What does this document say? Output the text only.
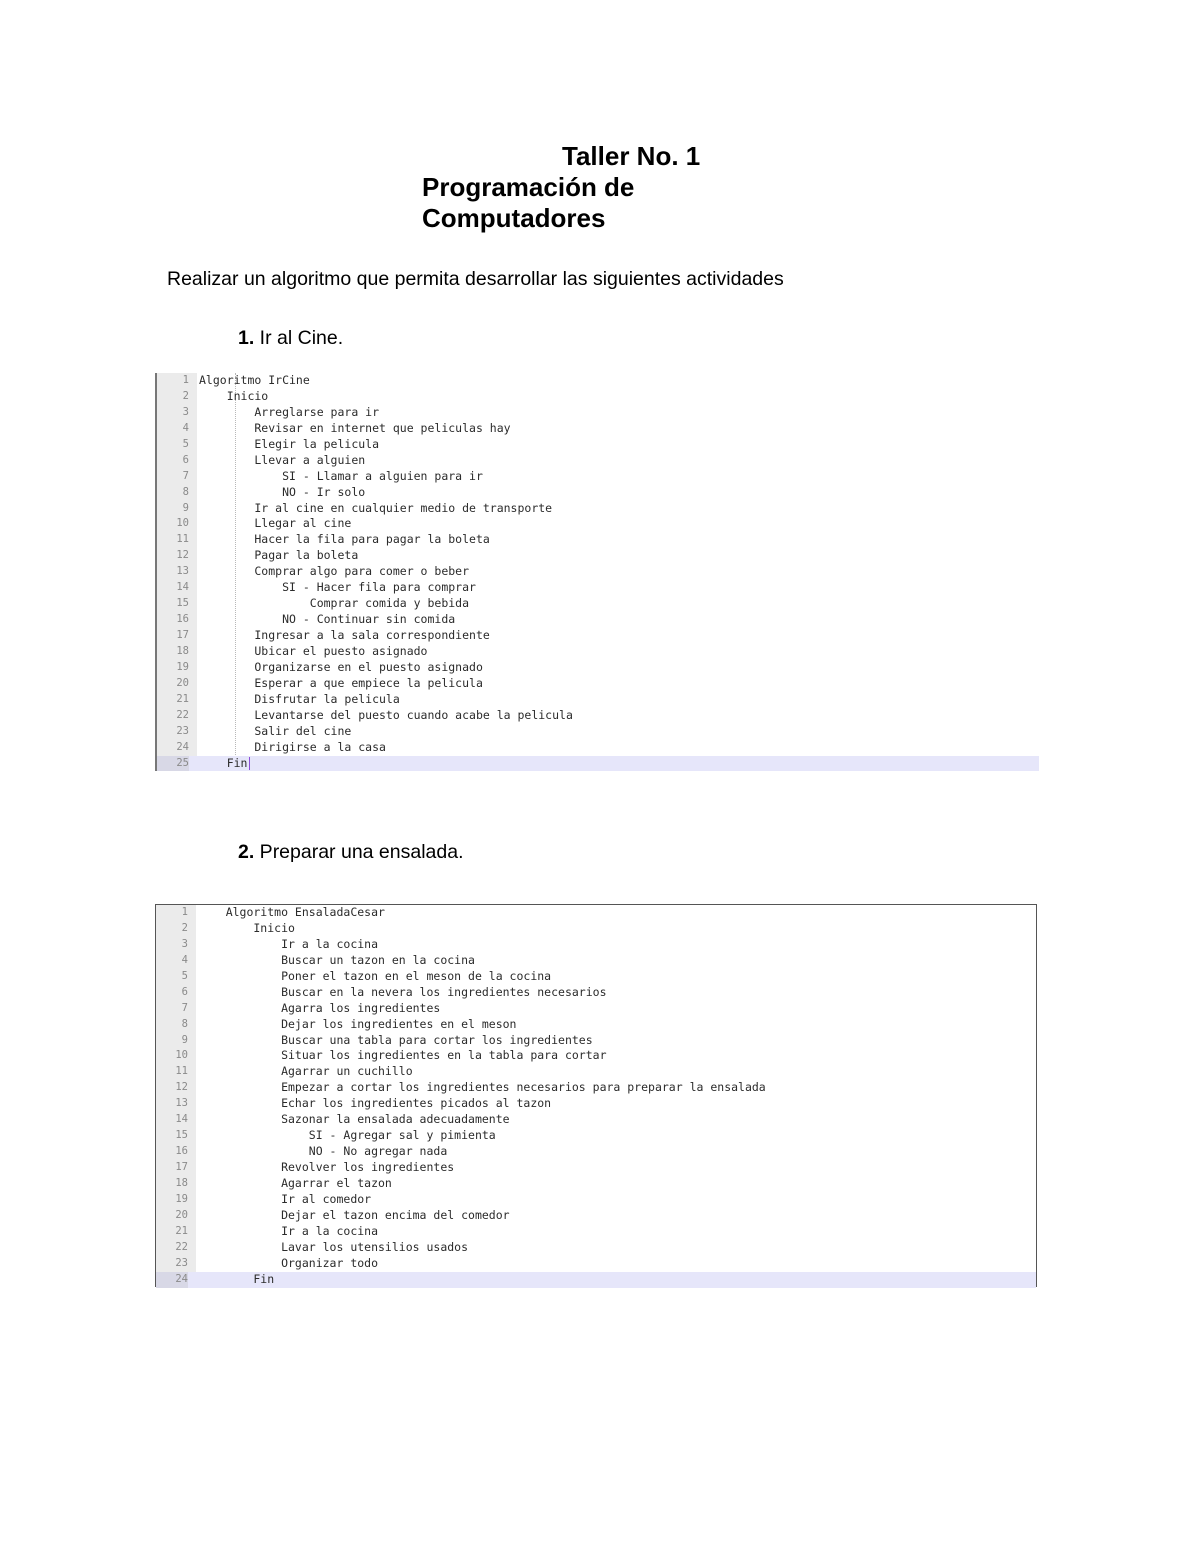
Taller No. 1
Programación de
Computadores
Realizar un algoritmo que permita desarrollar las siguientes actividades
1. Ir al Cine.
1 Algoritmo IrCine
2 Inicio
3 Arreglarse para ir
4 Revisar en internet que peliculas hay
5 Elegir la pelicula
6 Llevar a alguien
7 SI - Llamar a alguien para ir
8 NO - Ir solo
9 Ir al cine en cualquier medio de transporte
10 Llegar al cine
11 Hacer la fila para pagar la boleta
12 Pagar la boleta
13 Comprar algo para comer o beber
14 SI - Hacer fila para comprar
15 Comprar comida y bebida
16 NO - Continuar sin comida
17 Ingresar a la sala correspondiente
18 Ubicar el puesto asignado
19 Organizarse en el puesto asignado
20 Esperar a que empiece la pelicula
21 Disfrutar la pelicula
22 Levantarse del puesto cuando acabe la pelicula
23 Salir del cine
24 Dirigirse a la casa
25 Fin
2. Preparar una ensalada.
1 Algoritmo EnsaladaCesar
2 Inicio
3 Ir a la cocina
4 Buscar un tazon en la cocina
5 Poner el tazon en el meson de la cocina
6 Buscar en la nevera los ingredientes necesarios
7 Agarra los ingredientes
8 Dejar los ingredientes en el meson
9 Buscar una tabla para cortar los ingredientes
10 Situar los ingredientes en la tabla para cortar
11 Agarrar un cuchillo
12 Empezar a cortar los ingredientes necesarios para preparar la ensalada
13 Echar los ingredientes picados al tazon
14 Sazonar la ensalada adecuadamente
15 SI - Agregar sal y pimienta
16 NO - No agregar nada
17 Revolver los ingredientes
18 Agarrar el tazon
19 Ir al comedor
20 Dejar el tazon encima del comedor
21 Ir a la cocina
22 Lavar los utensilios usados
23 Organizar todo
24 Fin
